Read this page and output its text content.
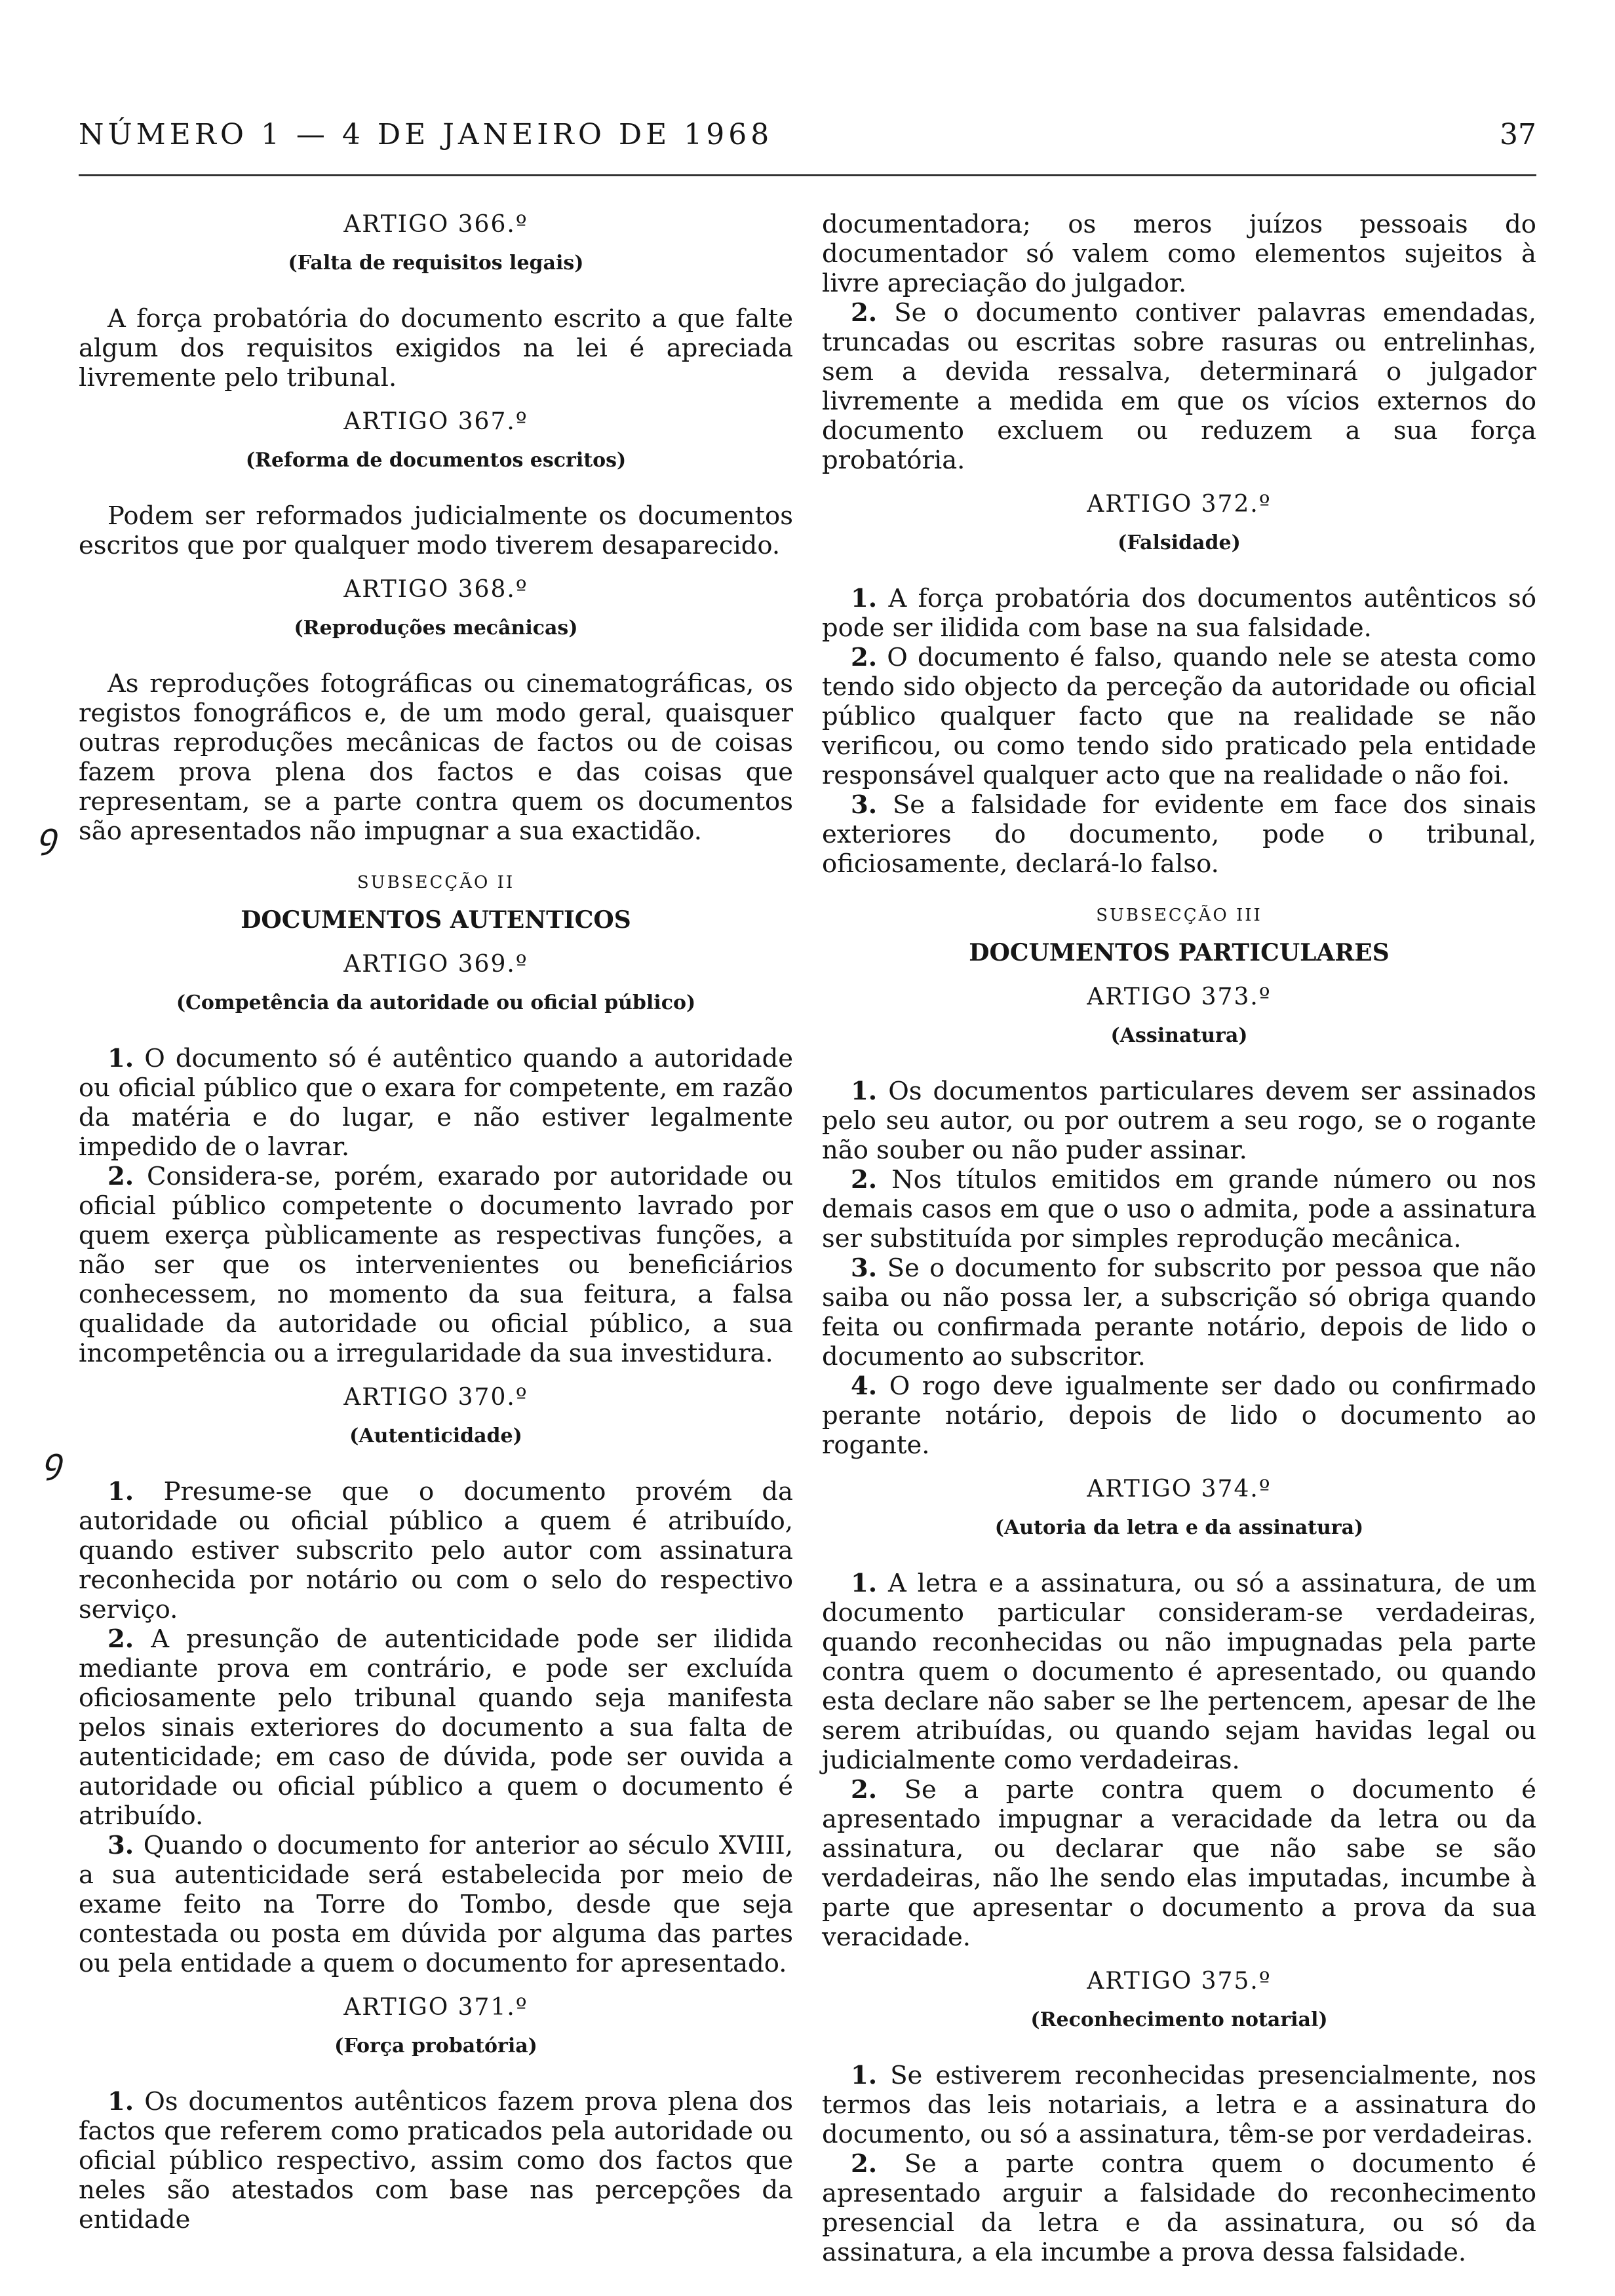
NÚMERO 1 — 4 DE JANEIRO DE 1968	37
ꝯ
ꝯ
ARTIGO 366.º
(Falta de requisitos legais)

A força probatória do documento escrito a que falte algum dos requisitos exigidos na lei é apreciada livremente pelo tribunal.

ARTIGO 367.º
(Reforma de documentos escritos)

Podem ser reformados judicialmente os documentos escritos que por qualquer modo tiverem desaparecido.

ARTIGO 368.º
(Reproduções mecânicas)

As reproduções fotográficas ou cinematográficas, os registos fonográficos e, de um modo geral, quaisquer outras reproduções mecânicas de factos ou de coisas fazem prova plena dos factos e das coisas que representam, se a parte contra quem os documentos são apresentados não impugnar a sua exactidão.

SUBSECÇÃO II
DOCUMENTOS AUTENTICOS
ARTIGO 369.º
(Competência da autoridade ou oficial público)

1. O documento só é autêntico quando a autoridade ou oficial público que o exara for competente, em razão da matéria e do lugar, e não estiver legalmente impedido de o lavrar.

2. Considera-se, porém, exarado por autoridade ou oficial público competente o documento lavrado por quem exerça pùblicamente as respectivas funções, a não ser que os intervenientes ou beneficiários conhecessem, no momento da sua feitura, a falsa qualidade da autoridade ou oficial público, a sua incompetência ou a irregularidade da sua investidura.

ARTIGO 370.º
(Autenticidade)

1. Presume-se que o documento provém da autoridade ou oficial público a quem é atribuído, quando estiver subscrito pelo autor com assinatura reconhecida por notário ou com o selo do respectivo serviço.

2. A presunção de autenticidade pode ser ilidida mediante prova em contrário, e pode ser excluída oficiosamente pelo tribunal quando seja manifesta pelos sinais exteriores do documento a sua falta de autenticidade; em caso de dúvida, pode ser ouvida a autoridade ou oficial público a quem o documento é atribuído.

3. Quando o documento for anterior ao século XVIII, a sua autenticidade será estabelecida por meio de exame feito na Torre do Tombo, desde que seja contestada ou posta em dúvida por alguma das partes ou pela entidade a quem o documento for apresentado.

ARTIGO 371.º
(Força probatória)

1. Os documentos autênticos fazem prova plena dos factos que referem como praticados pela autoridade ou oficial público respectivo, assim como dos factos que neles são atestados com base nas percepções da entidade

documentadora; os meros juízos pessoais do documentador só valem como elementos sujeitos à livre apreciação do julgador.

2. Se o documento contiver palavras emendadas, truncadas ou escritas sobre rasuras ou entrelinhas, sem a devida ressalva, determinará o julgador livremente a medida em que os vícios externos do documento excluem ou reduzem a sua força probatória.

ARTIGO 372.º
(Falsidade)

1. A força probatória dos documentos autênticos só pode ser ilidida com base na sua falsidade.

2. O documento é falso, quando nele se atesta como tendo sido objecto da perceção da autoridade ou oficial público qualquer facto que na realidade se não verificou, ou como tendo sido praticado pela entidade responsável qualquer acto que na realidade o não foi.

3. Se a falsidade for evidente em face dos sinais exteriores do documento, pode o tribunal, oficiosamente, declará-lo falso.

SUBSECÇÃO III
DOCUMENTOS PARTICULARES
ARTIGO 373.º
(Assinatura)

1. Os documentos particulares devem ser assinados pelo seu autor, ou por outrem a seu rogo, se o rogante não souber ou não puder assinar.

2. Nos títulos emitidos em grande número ou nos demais casos em que o uso o admita, pode a assinatura ser substituída por simples reprodução mecânica.

3. Se o documento for subscrito por pessoa que não saiba ou não possa ler, a subscrição só obriga quando feita ou confirmada perante notário, depois de lido o documento ao subscritor.

4. O rogo deve igualmente ser dado ou confirmado perante notário, depois de lido o documento ao rogante.

ARTIGO 374.º
(Autoria da letra e da assinatura)

1. A letra e a assinatura, ou só a assinatura, de um documento particular consideram-se verdadeiras, quando reconhecidas ou não impugnadas pela parte contra quem o documento é apresentado, ou quando esta declare não saber se lhe pertencem, apesar de lhe serem atribuídas, ou quando sejam havidas legal ou judicialmente como verdadeiras.

2. Se a parte contra quem o documento é apresentado impugnar a veracidade da letra ou da assinatura, ou declarar que não sabe se são verdadeiras, não lhe sendo elas imputadas, incumbe à parte que apresentar o documento a prova da sua veracidade.

ARTIGO 375.º
(Reconhecimento notarial)

1. Se estiverem reconhecidas presencialmente, nos termos das leis notariais, a letra e a assinatura do documento, ou só a assinatura, têm-se por verdadeiras.

2. Se a parte contra quem o documento é apresentado arguir a falsidade do reconhecimento presencial da letra e da assinatura, ou só da assinatura, a ela incumbe a prova dessa falsidade.
